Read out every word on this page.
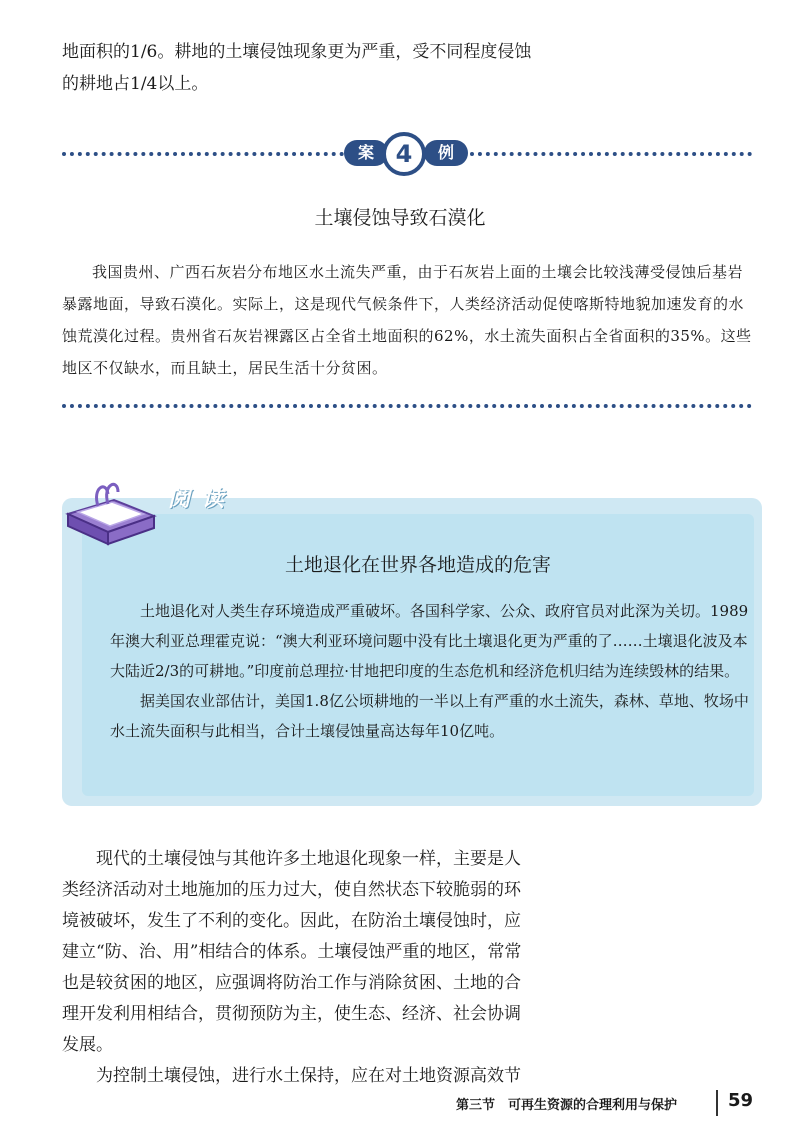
地面积的1/6。耕地的土壤侵蚀现象更为严重，受不同程度侵蚀的耕地占1/4以上。
案	例
4
土壤侵蚀导致石漠化
我国贵州、广西石灰岩分布地区水土流失严重，由于石灰岩上面的土壤会比较浅薄受侵蚀后基岩暴露地面，导致石漠化。实际上，这是现代气候条件下，人类经济活动促使喀斯特地貌加速发育的水蚀荒漠化过程。贵州省石灰岩裸露区占全省土地面积的62%，水土流失面积占全省面积的35%。这些地区不仅缺水，而且缺土，居民生活十分贫困。
阅读
土地退化在世界各地造成的危害

土地退化对人类生存环境造成严重破坏。各国科学家、公众、政府官员对此深为关切。1989年澳大利亚总理霍克说：“澳大利亚环境问题中没有比土壤退化更为严重的了……土壤退化波及本大陆近2/3的可耕地。”印度前总理拉·甘地把印度的生态危机和经济危机归结为连续毁林的结果。

据美国农业部估计，美国1.8亿公顷耕地的一半以上有严重的水土流失，森林、草地、牧场中水土流失面积与此相当，合计土壤侵蚀量高达每年10亿吨。

现代的土壤侵蚀与其他许多土地退化现象一样，主要是人类经济活动对土地施加的压力过大，使自然状态下较脆弱的环境被破坏，发生了不利的变化。因此，在防治土壤侵蚀时，应建立“防、治、用”相结合的体系。土壤侵蚀严重的地区，常常也是较贫困的地区，应强调将防治工作与消除贫困、土地的合理开发利用相结合，贯彻预防为主，使生态、经济、社会协调发展。

为控制土壤侵蚀，进行水土保持，应在对土地资源高效节

第三节　可再生资源的合理利用与保护	59
